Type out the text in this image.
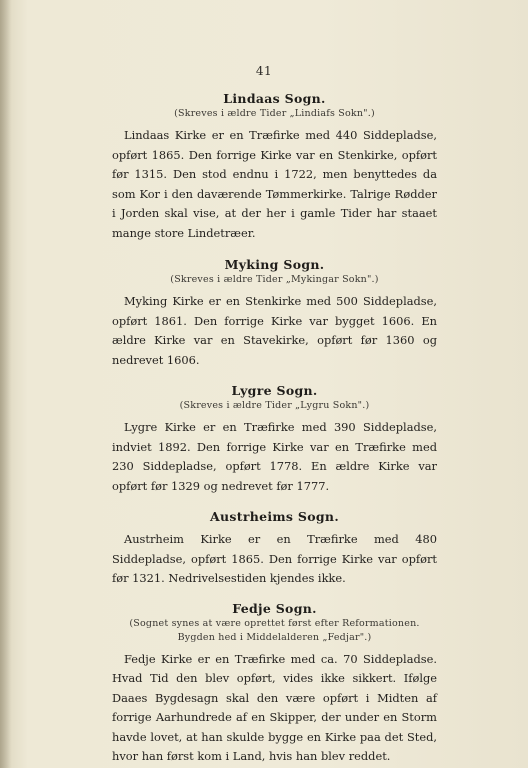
41
Lindaas Sogn.

(Skreves i ældre Tider „Lindiafs Sokn".)

Lindaas Kirke er en Træfirke med 440 Siddepladse, opført 1865. Den forrige Kirke var en Stenkirke, opført før 1315. Den stod endnu i 1722, men benyttedes da som Kor i den daværende Tømmerkirke. Talrige Rødder i Jorden skal vise, at der her i gamle Tider har staaet mange store Lindetræer.

Myking Sogn.

(Skreves i ældre Tider „Mykingar Sokn".)

Myking Kirke er en Stenkirke med 500 Siddepladse, opført 1861. Den forrige Kirke var bygget 1606. En ældre Kirke var en Stavekirke, opført før 1360 og nedrevet 1606.

Lygre Sogn.

(Skreves i ældre Tider „Lygru Sokn".)

Lygre Kirke er en Træfirke med 390 Siddepladse, indviet 1892. Den forrige Kirke var en Træfirke med 230 Siddepladse, opført 1778. En ældre Kirke var opført før 1329 og nedrevet før 1777.

Austrheims Sogn.

Austrheim Kirke er en Træfirke med 480 Siddepladse, opført 1865. Den forrige Kirke var opført før 1321. Nedrivelsestiden kjendes ikke.

Fedje Sogn.

(Sognet synes at være oprettet først efter Reformationen. Bygden hed i Middelalderen „Fedjar".)

Fedje Kirke er en Træfirke med ca. 70 Siddepladse. Hvad Tid den blev opført, vides ikke sikkert. Ifølge Daaes Bygdesagn skal den være opført i Midten af forrige Aarhundrede af en Skipper, der under en Storm havde lovet, at han skulde bygge en Kirke paa det Sted, hvor han først kom i Land, hvis han blev reddet.
